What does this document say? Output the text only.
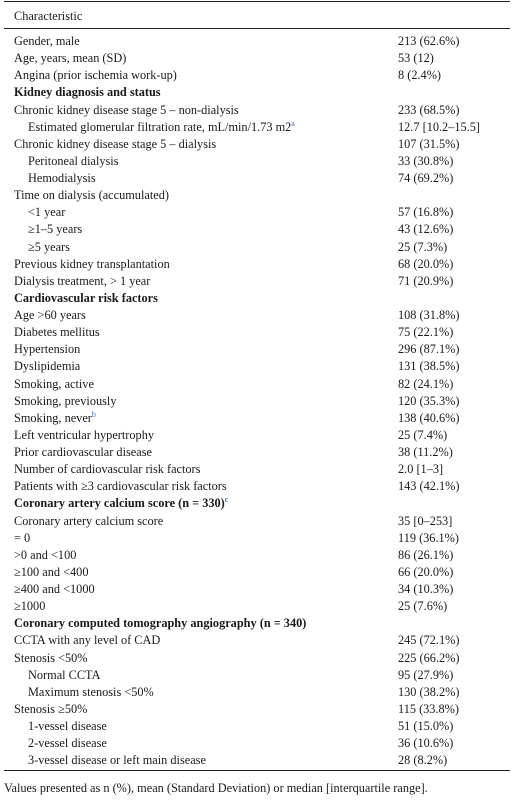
Characteristic
Gender, male	213 (62.6%)
Age, years, mean (SD)	53 (12)
Angina (prior ischemia work-up)	8 (2.4%)
Kidney diagnosis and status
Chronic kidney disease stage 5 – non-dialysis	233 (68.5%)
Estimated glomerular filtration rate, mL/min/1.73 m2$^a$	12.7 [10.2–15.5]
Chronic kidney disease stage 5 – dialysis	107 (31.5%)
Peritoneal dialysis	33 (30.8%)
Hemodialysis	74 (69.2%)
Time on dialysis (accumulated)
<1 year	57 (16.8%)
≥1–5 years	43 (12.6%)
≥5 years	25 (7.3%)
Previous kidney transplantation	68 (20.0%)
Dialysis treatment, > 1 year	71 (20.9%)
Cardiovascular risk factors
Age >60 years	108 (31.8%)
Diabetes mellitus	75 (22.1%)
Hypertension	296 (87.1%)
Dyslipidemia	131 (38.5%)
Smoking, active	82 (24.1%)
Smoking, previously	120 (35.3%)
Smoking, never$^b$	138 (40.6%)
Left ventricular hypertrophy	25 (7.4%)
Prior cardiovascular disease	38 (11.2%)
Number of cardiovascular risk factors	2.0 [1–3]
Patients with ≥3 cardiovascular risk factors	143 (42.1%)
Coronary artery calcium score (n = 330)$^c$
Coronary artery calcium score	35 [0–253]
= 0	119 (36.1%)
>0 and <100	86 (26.1%)
≥100 and <400	66 (20.0%)
≥400 and <1000	34 (10.3%)
≥1000	25 (7.6%)
Coronary computed tomography angiography (n = 340)
CCTA with any level of CAD	245 (72.1%)
Stenosis <50%	225 (66.2%)
Normal CCTA	95 (27.9%)
Maximum stenosis <50%	130 (38.2%)
Stenosis ≥50%	115 (33.8%)
1-vessel disease	51 (15.0%)
2-vessel disease	36 (10.6%)
3-vessel disease or left main disease	28 (8.2%)
Values presented as n (%), mean (Standard Deviation) or median [interquartile range].
